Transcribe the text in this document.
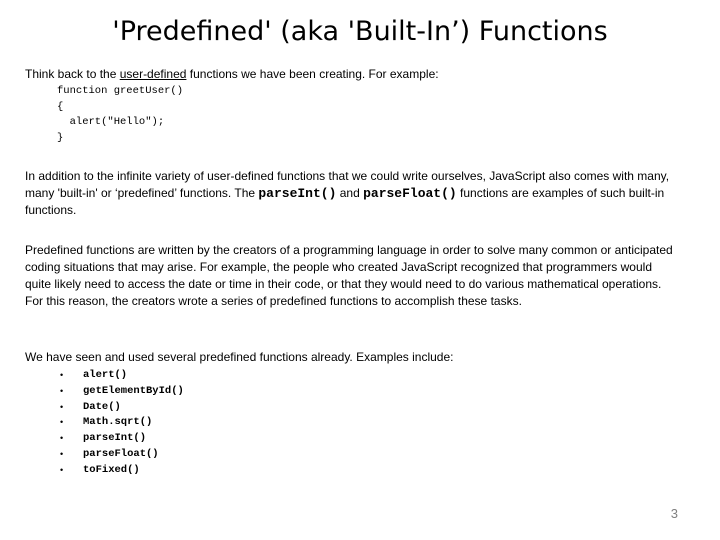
'Predefined' (aka 'Built-In’) Functions

Think back to the user-defined functions we have been creating. For example:

function greetUser()
{
alert("Hello");
}

In addition to the infinite variety of user-defined functions that we could write ourselves, JavaScript also comes with many, many 'built-in' or ‘predefined’ functions. The parseInt() and parseFloat() functions are examples of such built-in functions.

Predefined functions are written by the creators of a programming language in order to solve many common or anticipated coding situations that may arise. For example, the people who created JavaScript recognized that programmers would quite likely need to access the date or time in their code, or that they would need to do various mathematical operations. For this reason, the creators wrote a series of predefined functions to accomplish these tasks.

We have seen and used several predefined functions already. Examples include:

• alert()
• getElementById()
• Date()
• Math.sqrt()
• parseInt()
• parseFloat()
• toFixed()
3
